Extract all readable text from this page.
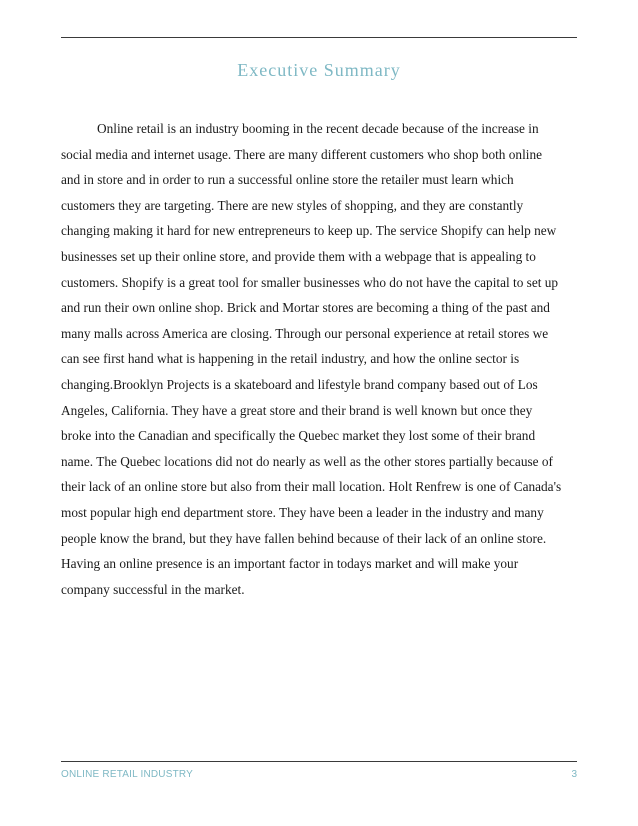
Executive Summary
Online retail is an industry booming in the recent decade because of the increase in
social media and internet usage. There are many different customers who shop both online
and in store and in order to run a successful online store the retailer must learn which
customers they are targeting. There are new styles of shopping, and they are constantly
changing making it hard for new entrepreneurs to keep up. The service Shopify can help new
businesses set up their online store, and provide them with a webpage that is appealing to
customers. Shopify is a great tool for smaller businesses who do not have the capital to set up
and run their own online shop. Brick and Mortar stores are becoming a thing of the past and
many malls across America are closing. Through our personal experience at retail stores we
can see first hand what is happening in the retail industry, and how the online sector is
changing.Brooklyn Projects is a skateboard and lifestyle brand company based out of Los
Angeles, California. They have a great store and their brand is well known but once they
broke into the Canadian and specifically the Quebec market they lost some of their brand
name. The Quebec locations did not do nearly as well as the other stores partially because of
their lack of an online store but also from their mall location. Holt Renfrew is one of Canada's
most popular high end department store. They have been a leader in the industry and many
people know the brand, but they have fallen behind because of their lack of an online store.
Having an online presence is an important factor in todays market and will make your
company successful in the market.
ONLINE RETAIL INDUSTRY	3
